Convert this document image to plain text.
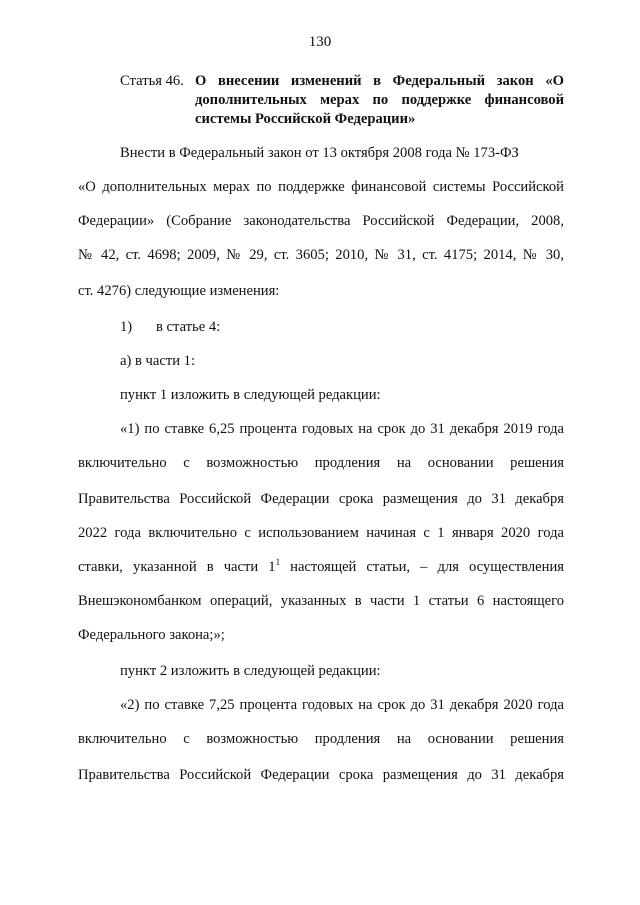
130
Статья 46. О внесении изменений в Федеральный закон «О дополнительных мерах по поддержке финансовой системы Российской Федерации»
Внести в Федеральный закон от 13 октября 2008 года № 173-ФЗ
«О дополнительных мерах по поддержке финансовой системы Российской
Федерации» (Собрание законодательства Российской Федерации, 2008,
№ 42, ст. 4698; 2009, № 29, ст. 3605; 2010, № 31, ст. 4175; 2014, № 30,
ст. 4276) следующие изменения:
1) в статье 4:
а) в части 1:
пункт 1 изложить в следующей редакции:
«1) по ставке 6,25 процента годовых на срок до 31 декабря 2019 года
включительно с возможностью продления на основании решения
Правительства Российской Федерации срока размещения до 31 декабря
2022 года включительно с использованием начиная с 1 января 2020 года
ставки, указанной в части $1^1$ настоящей статьи, – для осуществления
Внешэкономбанком операций, указанных в части 1 статьи 6 настоящего
Федерального закона;»;
пункт 2 изложить в следующей редакции:
«2) по ставке 7,25 процента годовых на срок до 31 декабря 2020 года
включительно с возможностью продления на основании решения
Правительства Российской Федерации срока размещения до 31 декабря
